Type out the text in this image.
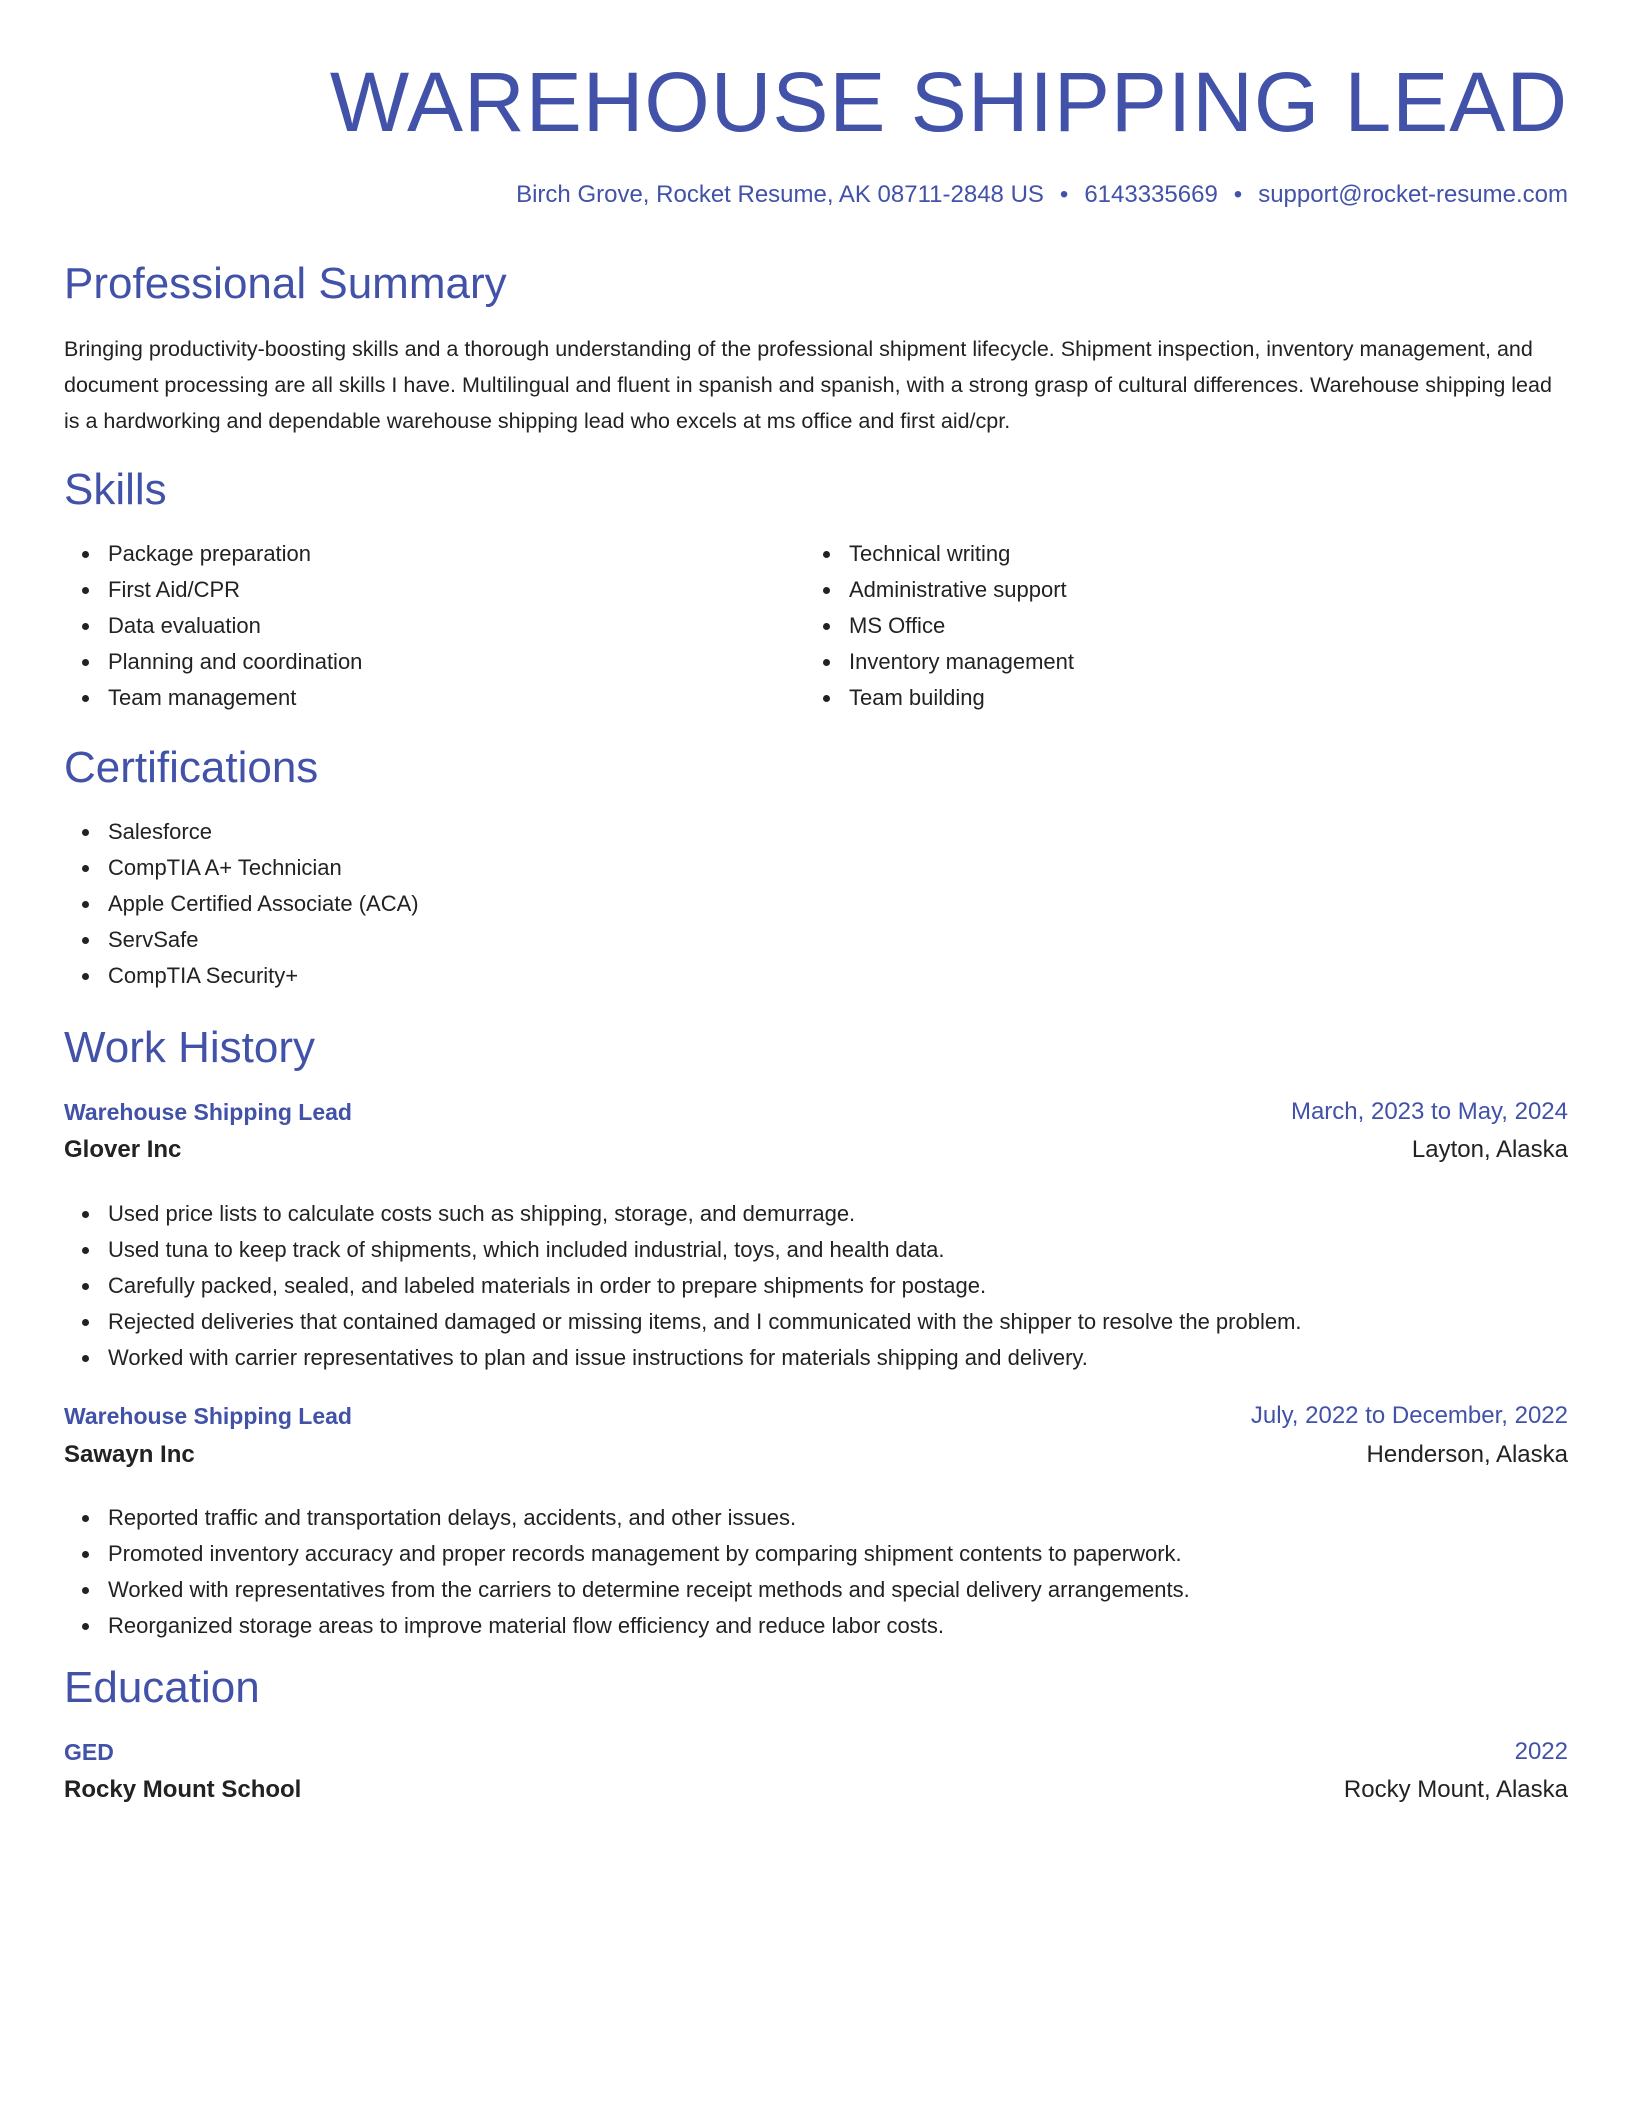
WAREHOUSE SHIPPING LEAD
Birch Grove, Rocket Resume, AK 08711-2848 US • 6143335669 • support@rocket-resume.com
Professional Summary
Bringing productivity-boosting skills and a thorough understanding of the professional shipment lifecycle. Shipment inspection, inventory management, and document processing are all skills I have. Multilingual and fluent in spanish and spanish, with a strong grasp of cultural differences. Warehouse shipping lead is a hardworking and dependable warehouse shipping lead who excels at ms office and first aid/cpr.
Skills
Package preparation
First Aid/CPR
Data evaluation
Planning and coordination
Team management
Technical writing
Administrative support
MS Office
Inventory management
Team building
Certifications
Salesforce
CompTIA A+ Technician
Apple Certified Associate (ACA)
ServSafe
CompTIA Security+
Work History
Warehouse Shipping Lead	March, 2023 to May, 2024
Glover Inc	Layton, Alaska
Used price lists to calculate costs such as shipping, storage, and demurrage.
Used tuna to keep track of shipments, which included industrial, toys, and health data.
Carefully packed, sealed, and labeled materials in order to prepare shipments for postage.
Rejected deliveries that contained damaged or missing items, and I communicated with the shipper to resolve the problem.
Worked with carrier representatives to plan and issue instructions for materials shipping and delivery.
Warehouse Shipping Lead	July, 2022 to December, 2022
Sawayn Inc	Henderson, Alaska
Reported traffic and transportation delays, accidents, and other issues.
Promoted inventory accuracy and proper records management by comparing shipment contents to paperwork.
Worked with representatives from the carriers to determine receipt methods and special delivery arrangements.
Reorganized storage areas to improve material flow efficiency and reduce labor costs.
Education
GED	2022
Rocky Mount School	Rocky Mount, Alaska
